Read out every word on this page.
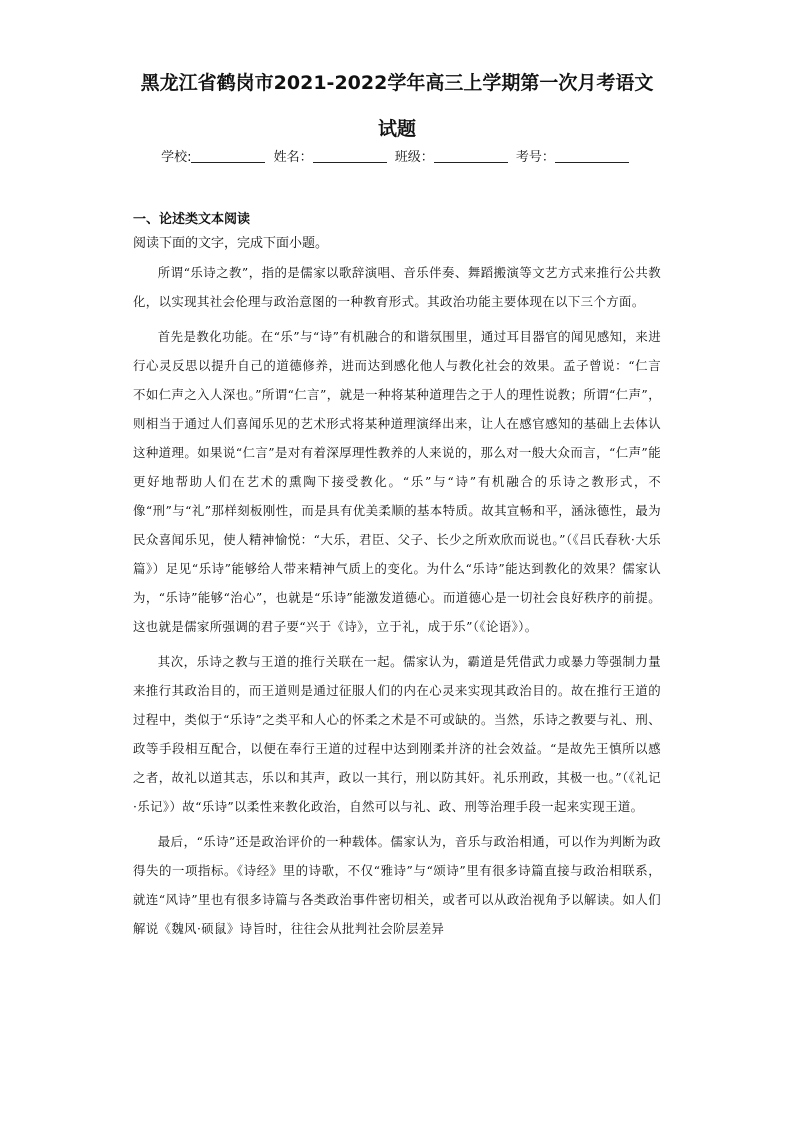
黑龙江省鹤岗市2021-2022学年高三上学期第一次月考语文
试题
学校:	姓名：	班级：	考号：
一、论述类文本阅读

阅读下面的文字，完成下面小题。

所谓“乐诗之教”，指的是儒家以歌辞演唱、音乐伴奏、舞蹈搬演等文艺方式来推行公共教化，以实现其社会伦理与政治意图的一种教育形式。其政治功能主要体现在以下三个方面。

首先是教化功能。在“乐”与“诗”有机融合的和谐氛围里，通过耳目器官的闻见感知，来进行心灵反思以提升自己的道德修养，进而达到感化他人与教化社会的效果。孟子曾说：“仁言不如仁声之入人深也。”所谓“仁言”，就是一种将某种道理告之于人的理性说教；所谓“仁声”，则相当于通过人们喜闻乐见的艺术形式将某种道理演绎出来，让人在感官感知的基础上去体认这种道理。如果说“仁言”是对有着深厚理性教养的人来说的，那么对一般大众而言，“仁声”能更好地帮助人们在艺术的熏陶下接受教化。“乐”与“诗”有机融合的乐诗之教形式，不像“刑”与“礼”那样刻板刚性，而是具有优美柔顺的基本特质。故其宣畅和平，涵泳德性，最为民众喜闻乐见，使人精神愉悦：“大乐，君臣、父子、长少之所欢欣而说也。”（《吕氏春秋·大乐篇》）足见“乐诗”能够给人带来精神气质上的变化。为什么“乐诗”能达到教化的效果？儒家认为，“乐诗”能够“治心”，也就是“乐诗”能激发道德心。而道德心是一切社会良好秩序的前提。这也就是儒家所强调的君子要“兴于《诗》，立于礼，成于乐”（《论语》）。

其次，乐诗之教与王道的推行关联在一起。儒家认为，霸道是凭借武力或暴力等强制力量来推行其政治目的，而王道则是通过征服人们的内在心灵来实现其政治目的。故在推行王道的过程中，类似于“乐诗”之类平和人心的怀柔之术是不可或缺的。当然，乐诗之教要与礼、刑、政等手段相互配合，以便在奉行王道的过程中达到刚柔并济的社会效益。“是故先王慎所以感之者，故礼以道其志，乐以和其声，政以一其行，刑以防其奸。礼乐刑政，其极一也。”（《礼记·乐记》）故“乐诗”以柔性来教化政治，自然可以与礼、政、刑等治理手段一起来实现王道。

最后，“乐诗”还是政治评价的一种载体。儒家认为，音乐与政治相通，可以作为判断为政得失的一项指标。《诗经》里的诗歌，不仅“雅诗”与“颂诗”里有很多诗篇直接与政治相联系，就连“风诗”里也有很多诗篇与各类政治事件密切相关，或者可以从政治视角予以解读。如人们解说《魏风·硕鼠》诗旨时，往往会从批判社会阶层差异
